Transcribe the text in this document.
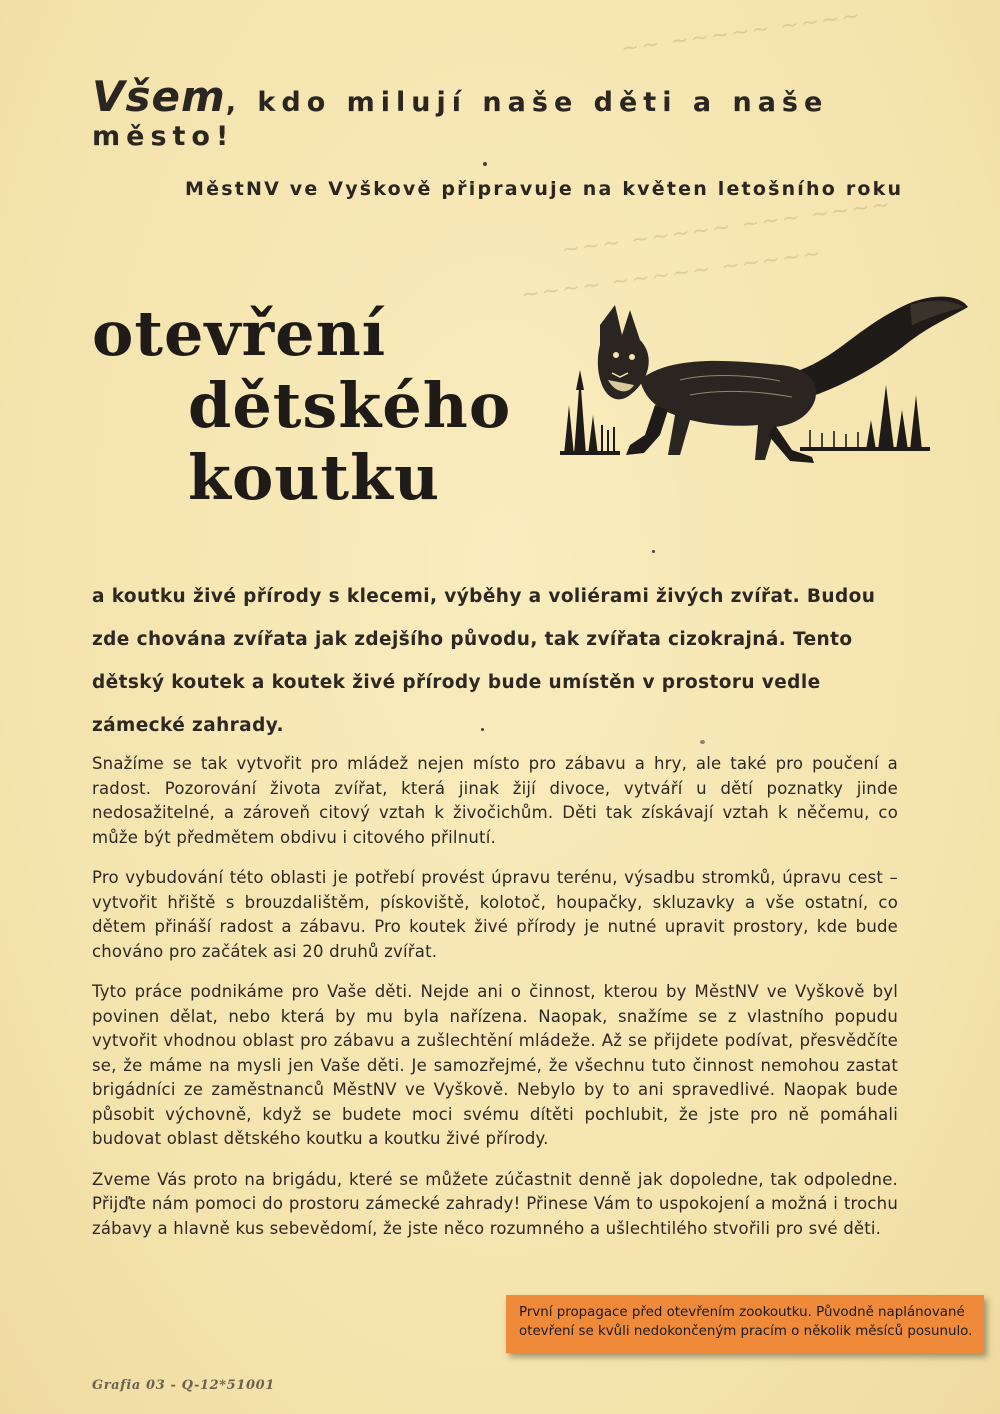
~~ ~~~~~ ~~~~
~~~ ~~~~~ ~~~ ~~~~
~~~~ ~~~~~ ~~~~~
Všem, kdo milují naše děti a naše město!
MěstNV ve Vyškově připravuje na květen letošního roku
otevření
dětského
koutku
a koutku živé přírody s klecemi, výběhy a voliérami živých zvířat. Budou zde chována zvířata jak zdejšího původu, tak zvířata cizokrajná. Tento dětský koutek a koutek živé přírody bude umístěn v prostoru vedle zámecké zahrady.

Snažíme se tak vytvořit pro mládež nejen místo pro zábavu a hry, ale také pro poučení a radost. Pozorování života zvířat, která jinak žijí divoce, vytváří u dětí poznatky jinde nedosažitelné, a zároveň citový vztah k živočichům. Děti tak získávají vztah k něčemu, co může být předmětem obdivu i citového přilnutí.

Pro vybudování této oblasti je potřebí provést úpravu terénu, výsadbu stromků, úpravu cest – vytvořit hřiště s brouzdalištěm, pískoviště, kolotoč, houpačky, skluzavky a vše ostatní, co dětem přináší radost a zábavu. Pro koutek živé přírody je nutné upravit prostory, kde bude chováno pro začátek asi 20 druhů zvířat.

Tyto práce podnikáme pro Vaše děti. Nejde ani o činnost, kterou by MěstNV ve Vyškově byl povinen dělat, nebo která by mu byla nařízena. Naopak, snažíme se z vlastního popudu vytvořit vhodnou oblast pro zábavu a zušlechtění mládeže. Až se přijdete podívat, přesvědčíte se, že máme na mysli jen Vaše děti. Je samozřejmé, že všechnu tuto činnost nemohou zastat brigádníci ze zaměstnanců MěstNV ve Vyškově. Nebylo by to ani spravedlivé. Naopak bude působit výchovně, když se budete moci svému dítěti pochlubit, že jste pro ně pomáhali budovat oblast dětského koutku a koutku živé přírody.

Zveme Vás proto na brigádu, které se můžete zúčastnit denně jak dopoledne, tak odpoledne. Přijďte nám pomoci do prostoru zámecké zahrady! Přinese Vám to uspokojení a možná i trochu zábavy a hlavně kus sebevědomí, že jste něco rozumného a ušlechtilého stvořili pro své děti.

První propagace před otevřením zookoutku. Původně naplánované otevření se kvůli nedokončeným pracím o několik měsíců posunulo.
Grafia 03 - Q-12*51001
